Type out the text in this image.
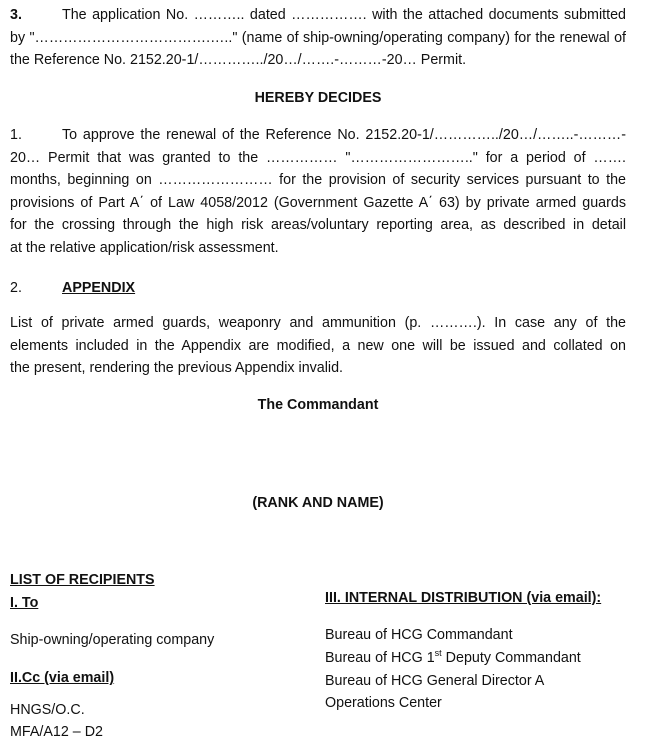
3.	The application No. ……….. dated ……………. with the attached documents submitted
by "……………………………….….." (name of ship-owning/operating company) for the renewal of
the Reference No. 2152.20-1/…………../20…/…….-………-20… Permit.
HEREBY DECIDES
1.	To approve the renewal of the Reference No. 2152.20-1/…………../20…/……..-………-
20… Permit that was granted to the …………… "…………………….." for a period of …….
months, beginning on …………………… for the provision of security services pursuant to the
provisions of Part A΄ of Law 4058/2012 (Government Gazette A΄ 63) by private armed guards
for the crossing through the high risk areas/voluntary reporting area, as described in detail
at the relative application/risk assessment.
2.	APPENDIX
List of private armed guards, weaponry and ammunition (p. ……….). In case any of the
elements included in the Appendix are modified, a new one will be issued and collated on
the present, rendering the previous Appendix invalid.
The Commandant
(RANK AND NAME)
LIST OF RECIPIENTS
I. To
Ship-owning/operating company
II.Cc (via email)
HNGS/O.C.
MFA/A12 – D2
III. INTERNAL DISTRIBUTION (via email):
Bureau of HCG Commandant
Bureau of HCG 1st Deputy Commandant
Bureau of HCG General Director A
Operations Center
